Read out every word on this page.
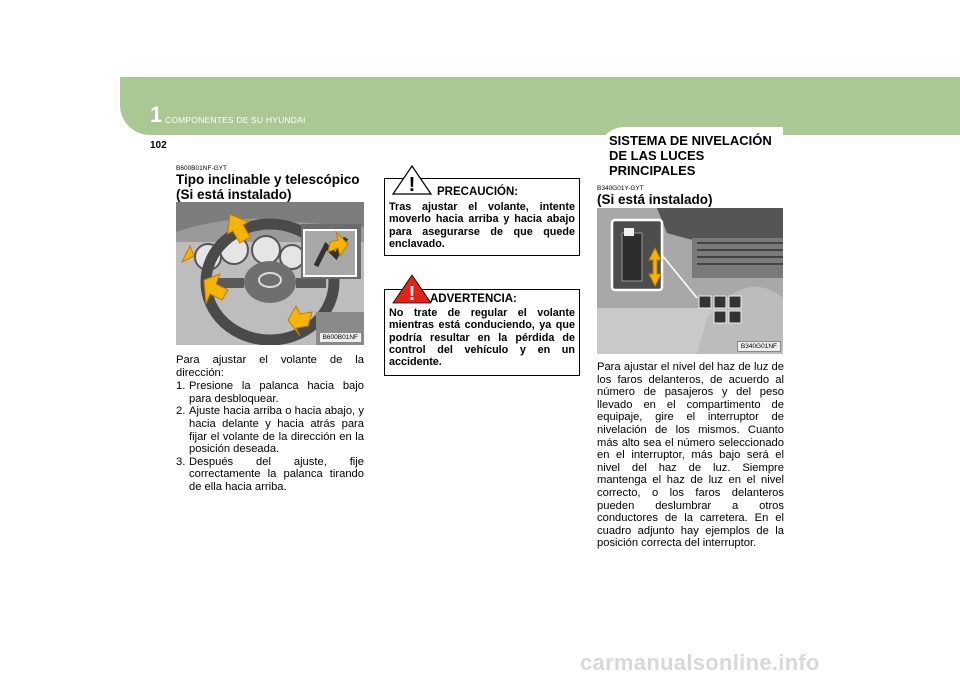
1 COMPONENTES DE SU HYUNDAI
102	SISTEMA DE NIVELACIÓN
DE LAS LUCES
PRINCIPALES
B600B01NF-GYT
Tipo inclinable y telescópico
(Si está instalado)
B600B01NF
Para ajustar el volante de la dirección:
1. Presione la palanca hacia bajo para desbloquear.
2. Ajuste hacia arriba o hacia abajo, y hacia delante y hacia atrás para fijar el volante de la dirección en la posición deseada.
3. Después del ajuste, fije correctamente la palanca tirando de ella hacia arriba.
! PRECAUCIÓN:
Tras ajustar el volante, intente moverlo hacia arriba y hacia abajo para asegurarse de que quede enclavado.
! ADVERTENCIA:
No trate de regular el volante mientras está conduciendo, ya que podría resultar en la pérdida de control del vehículo y en un accidente.
B340G01Y-GYT
(Si está instalado)
B340G01NF
Para ajustar el nivel del haz de luz de los faros delanteros, de acuerdo al número de pasajeros y del peso llevado en el compartimento de equipaje, gire el interruptor de nivelación de los mismos. Cuanto más alto sea el número seleccionado en el interruptor, más bajo será el nivel del haz de luz. Siempre mantenga el haz de luz en el nivel correcto, o los faros delanteros pueden deslumbrar a otros conductores de la carretera. En el cuadro adjunto hay ejemplos de la posición correcta del interruptor.
carmanualsonline.info
